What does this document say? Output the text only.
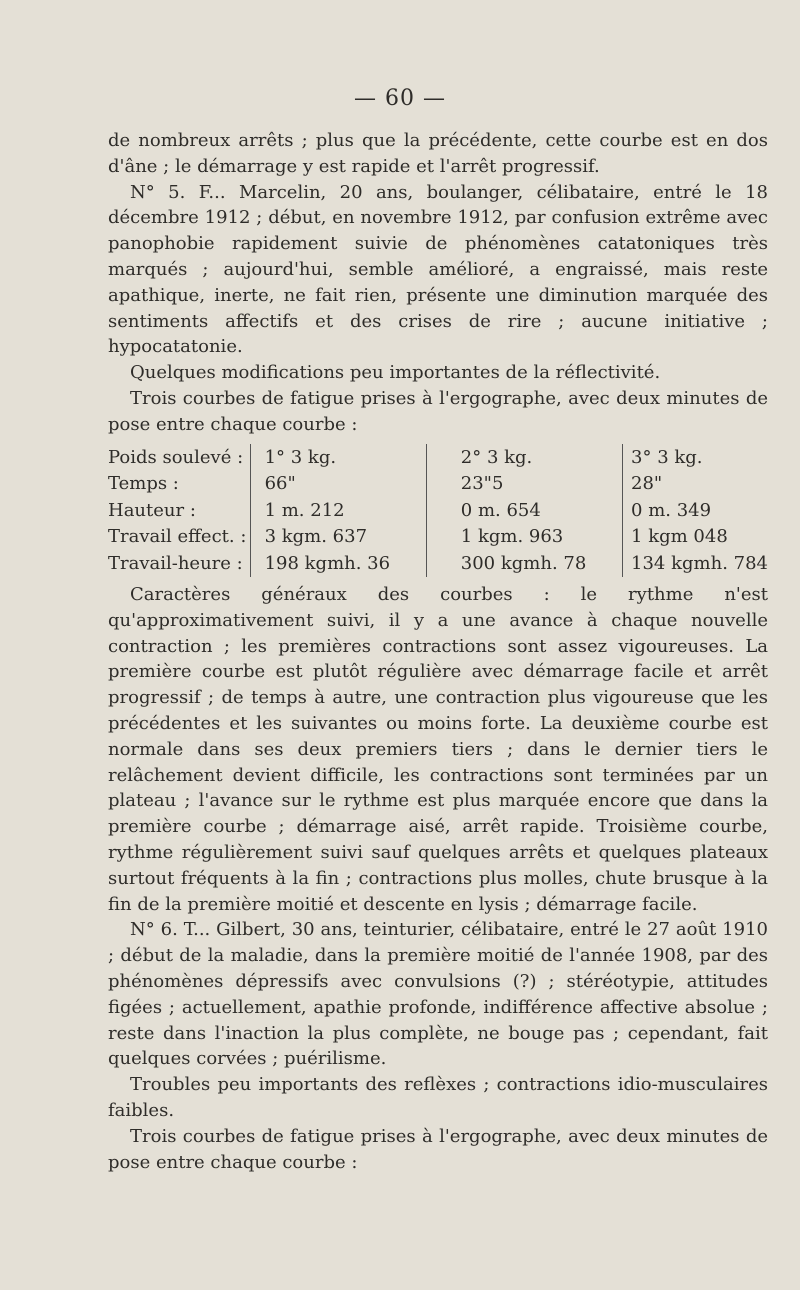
— 60 —

de nombreux arrêts ; plus que la précédente, cette courbe est en dos d'âne ; le démarrage y est rapide et l'arrêt progressif.

N° 5. F... Marcelin, 20 ans, boulanger, célibataire, entré le 18 décembre 1912 ; début, en novembre 1912, par confusion extrême avec panophobie rapidement suivie de phénomènes catatoniques très marqués ; aujourd'hui, semble amélioré, a engraissé, mais reste apathique, inerte, ne fait rien, présente une diminution marquée des sentiments affectifs et des crises de rire ; aucune initiative ; hypocatatonie.

Quelques modifications peu importantes de la réflectivité.

Trois courbes de fatigue prises à l'ergographe, avec deux minutes de pose entre chaque courbe :

Poids soulevé :	1° 3 kg.	2° 3 kg.	3° 3 kg.
Temps :	66"	23"5	28"
Hauteur :	1 m. 212	0 m. 654	0 m. 349
Travail effect. :	3 kgm. 637	1 kgm. 963	1 kgm 048
Travail-heure :	198 kgmh. 36	300 kgmh. 78	134 kgmh. 784

Caractères généraux des courbes : le rythme n'est qu'approximativement suivi, il y a une avance à chaque nouvelle contraction ; les premières contractions sont assez vigoureuses. La première courbe est plutôt régulière avec démarrage facile et arrêt progressif ; de temps à autre, une contraction plus vigoureuse que les précédentes et les suivantes ou moins forte. La deuxième courbe est normale dans ses deux premiers tiers ; dans le dernier tiers le relâchement devient difficile, les contractions sont terminées par un plateau ; l'avance sur le rythme est plus marquée encore que dans la première courbe ; démarrage aisé, arrêt rapide. Troisième courbe, rythme régulièrement suivi sauf quelques arrêts et quelques plateaux surtout fréquents à la fin ; contractions plus molles, chute brusque à la fin de la première moitié et descente en lysis ; démarrage facile.

N° 6. T... Gilbert, 30 ans, teinturier, célibataire, entré le 27 août 1910 ; début de la maladie, dans la première moitié de l'année 1908, par des phénomènes dépressifs avec convulsions (?) ; stéréotypie, attitudes figées ; actuellement, apathie profonde, indifférence affective absolue ; reste dans l'inaction la plus complète, ne bouge pas ; cependant, fait quelques corvées ; puérilisme.

Troubles peu importants des reflèxes ; contractions idio-musculaires faibles.

Trois courbes de fatigue prises à l'ergographe, avec deux minutes de pose entre chaque courbe :
